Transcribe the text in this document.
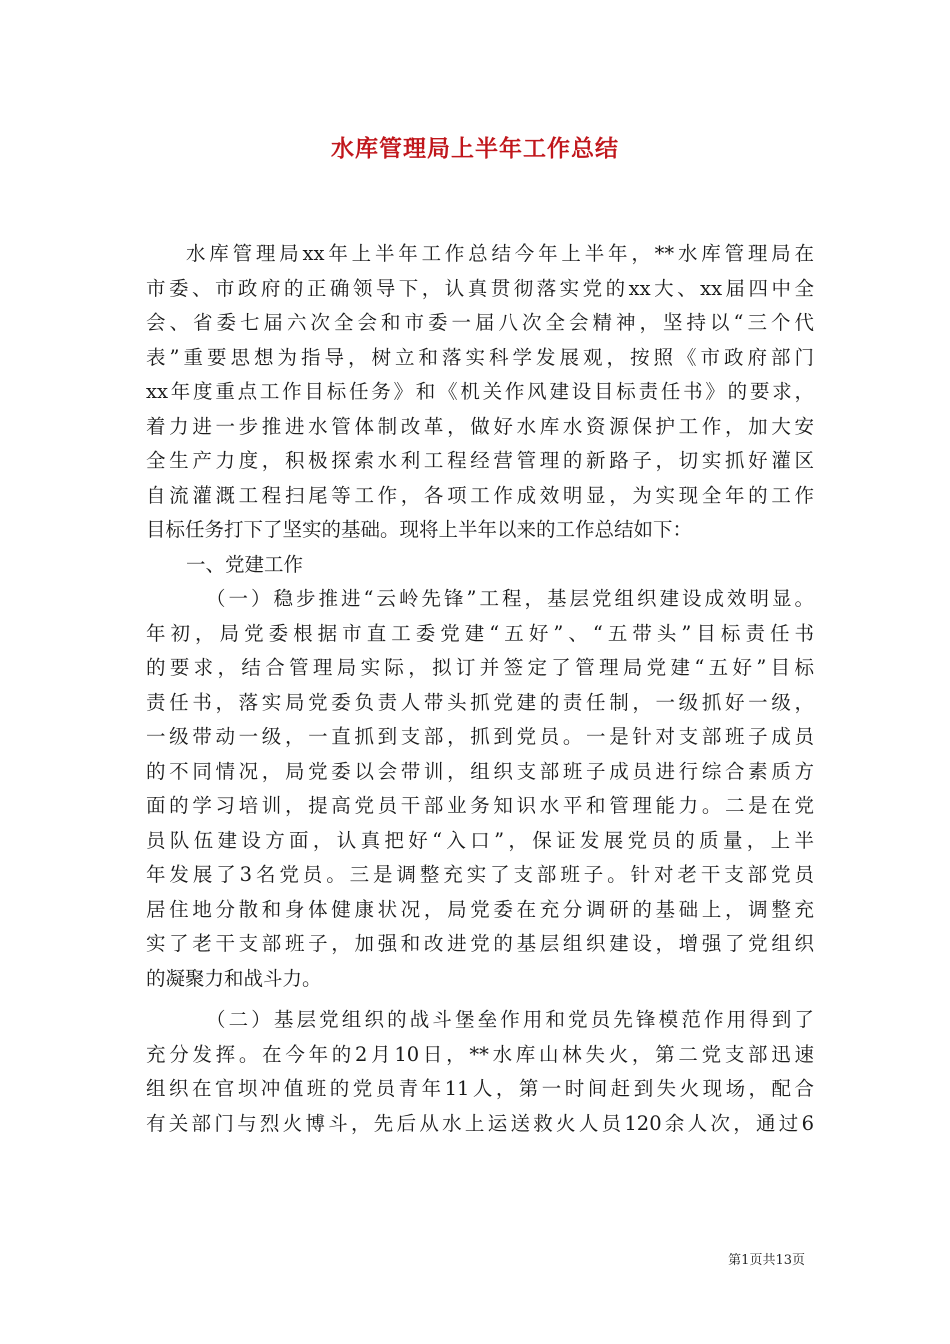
水库管理局上半年工作总结
水库管理局xx年上半年工作总结今年上半年，**水库管理局在
市委、市政府的正确领导下，认真贯彻落实党的xx大、xx届四中全
会、省委七届六次全会和市委一届八次全会精神，坚持以“三个代
表”重要思想为指导，树立和落实科学发展观，按照《市政府部门
xx年度重点工作目标任务》和《机关作风建设目标责任书》的要求，
着力进一步推进水管体制改革，做好水库水资源保护工作，加大安
全生产力度，积极探索水利工程经营管理的新路子，切实抓好灌区
自流灌溉工程扫尾等工作，各项工作成效明显，为实现全年的工作
目标任务打下了坚实的基础。现将上半年以来的工作总结如下：
一、党建工作
（一）稳步推进“云岭先锋”工程，基层党组织建设成效明显。
年初，局党委根据市直工委党建“五好”、“五带头”目标责任书
的要求，结合管理局实际，拟订并签定了管理局党建“五好”目标
责任书，落实局党委负责人带头抓党建的责任制，一级抓好一级，
一级带动一级，一直抓到支部，抓到党员。一是针对支部班子成员
的不同情况，局党委以会带训，组织支部班子成员进行综合素质方
面的学习培训，提高党员干部业务知识水平和管理能力。二是在党
员队伍建设方面，认真把好“入口”，保证发展党员的质量，上半
年发展了3名党员。三是调整充实了支部班子。针对老干支部党员
居住地分散和身体健康状况，局党委在充分调研的基础上，调整充
实了老干支部班子，加强和改进党的基层组织建设，增强了党组织
的凝聚力和战斗力。
（二）基层党组织的战斗堡垒作用和党员先锋模范作用得到了
充分发挥。在今年的2月10日，**水库山林失火，第二党支部迅速
组织在官坝冲值班的党员青年11人，第一时间赶到失火现场，配合
有关部门与烈火博斗，先后从水上运送救火人员120余人次，通过6
第1页共13页
